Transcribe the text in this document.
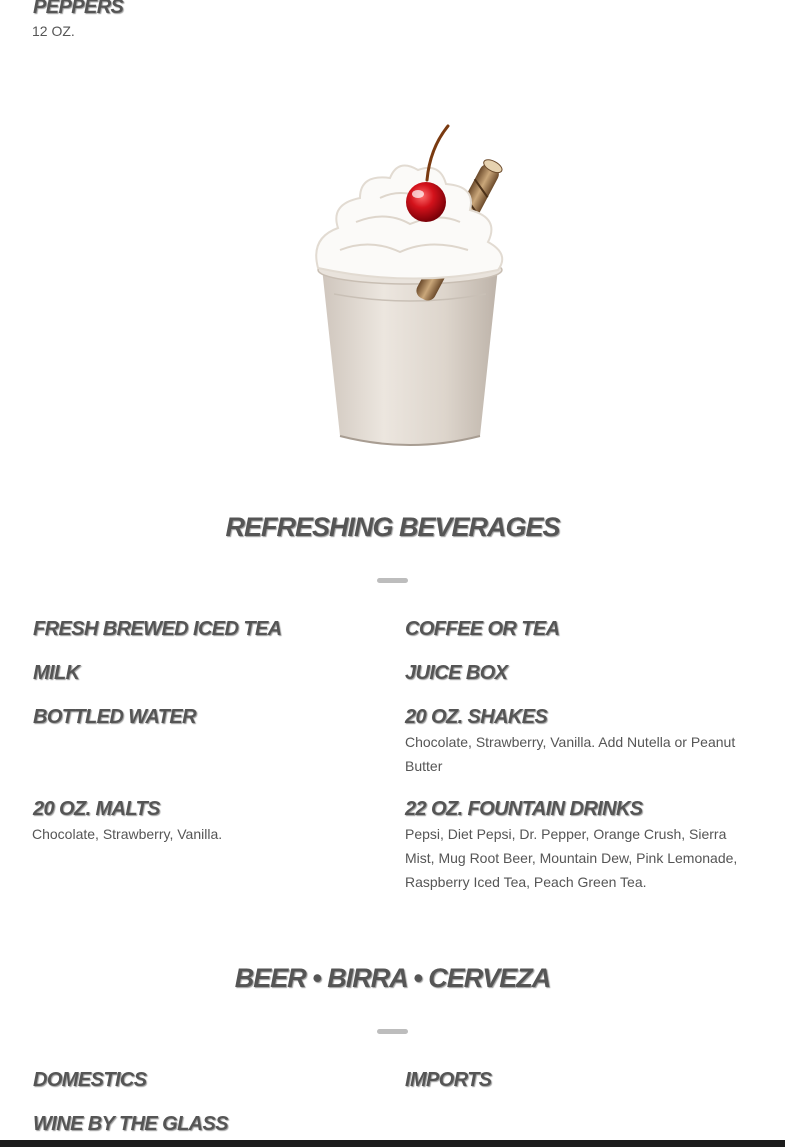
PEPPERS

12 OZ.

REFRESHING BEVERAGES
FRESH BREWED ICED TEA	COFFEE OR TEA
MILK	JUICE BOX
BOTTLED WATER	20 OZ. SHAKES

Chocolate, Strawberry, Vanilla. Add Nutella or Peanut Butter

20 OZ. MALTS

Chocolate, Strawberry, Vanilla.

22 OZ. FOUNTAIN DRINKS

Pepsi, Diet Pepsi, Dr. Pepper, Orange Crush, Sierra Mist, Mug Root Beer, Mountain Dew, Pink Lemonade, Raspberry Iced Tea, Peach Green Tea.

BEER • BIRRA • CERVEZA
DOMESTICS	IMPORTS
WINE BY THE GLASS
